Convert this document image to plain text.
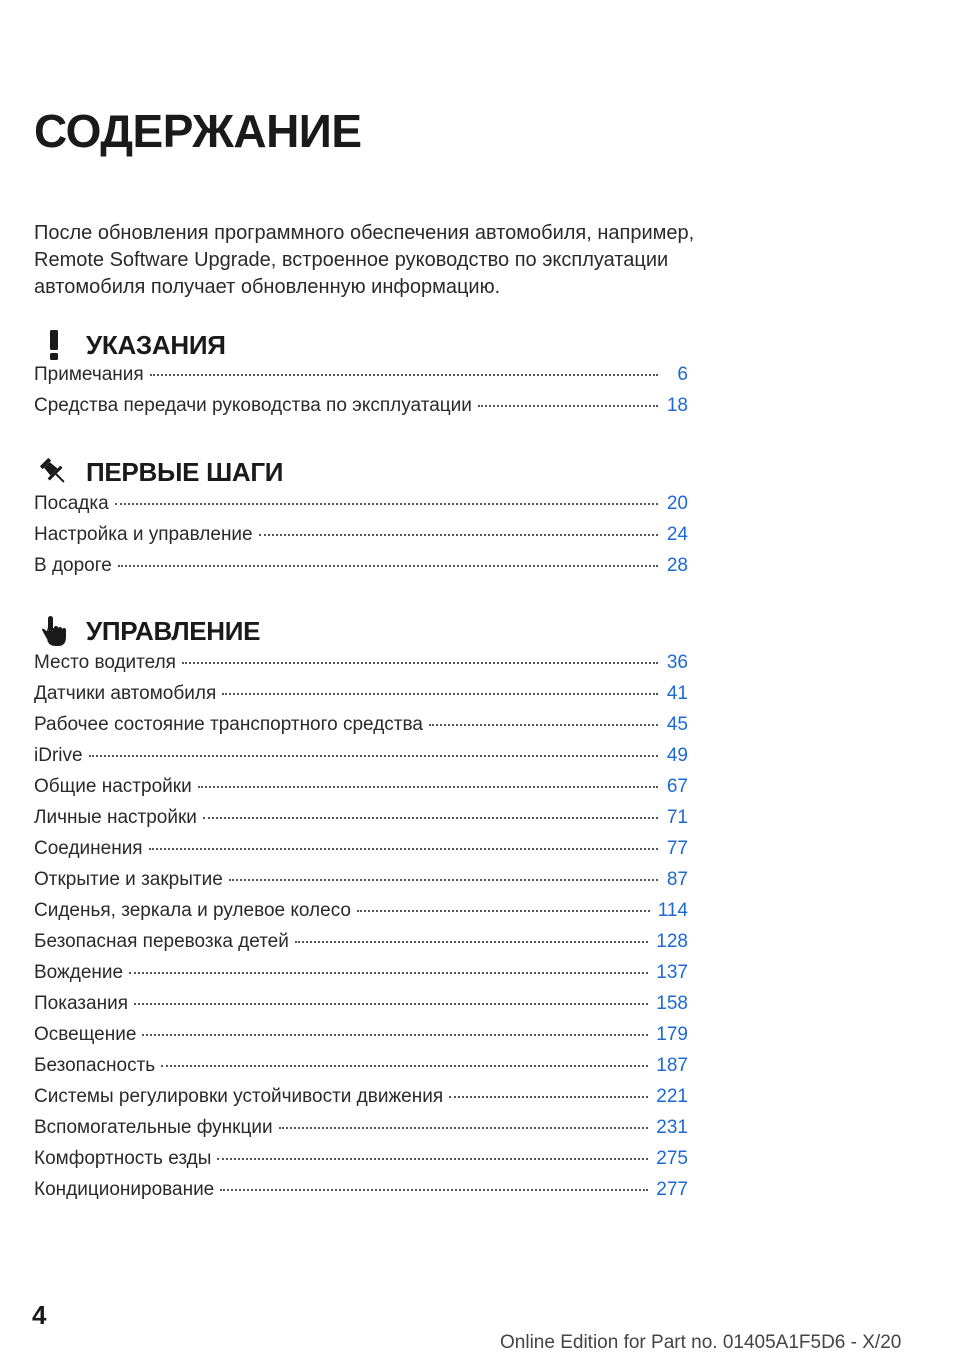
СОДЕРЖАНИЕ

После обновления программного обеспечения автомобиля, например, Remote Software Upgrade, встроенное руководство по эксплуатации автомобиля получает обновленную информацию.

УКАЗАНИЯ
Примечания	6
Средства передачи руководства по эксплуатации	18
ПЕРВЫЕ ШАГИ
Посадка	20
Настройка и управление	24
В дороге	28
УПРАВЛЕНИЕ
Место водителя	36
Датчики автомобиля	41
Рабочее состояние транспортного средства	45
iDrive	49
Общие настройки	67
Личные настройки	71
Соединения	77
Открытие и закрытие	87
Сиденья, зеркала и рулевое колесо	114
Безопасная перевозка детей	128
Вождение	137
Показания	158
Освещение	179
Безопасность	187
Системы регулировки устойчивости движения	221
Вспомогательные функции	231
Комфортность езды	275
Кондиционирование	277
4
Online Edition for Part no. 01405A1F5D6 - X/20
